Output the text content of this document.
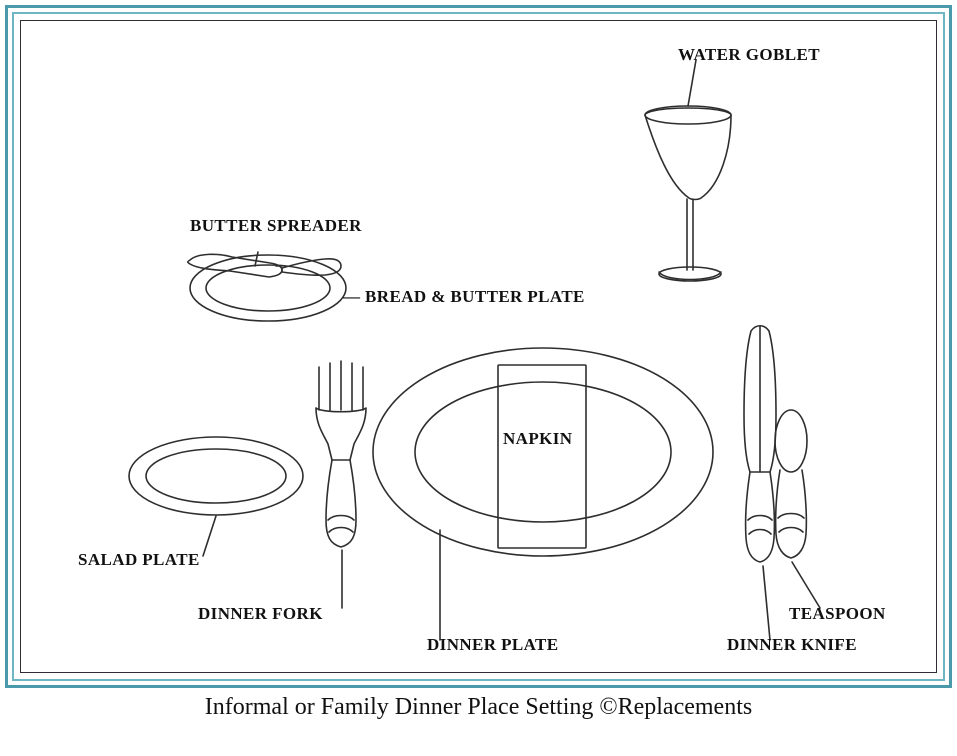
WATER GOBLET
BUTTER SPREADER
— BREAD & BUTTER PLATE
NAPKIN
SALAD PLATE
DINNER FORK
DINNER PLATE	DINNER KNIFE
TEASPOON
Informal or Family Dinner Place Setting ©Replacements
